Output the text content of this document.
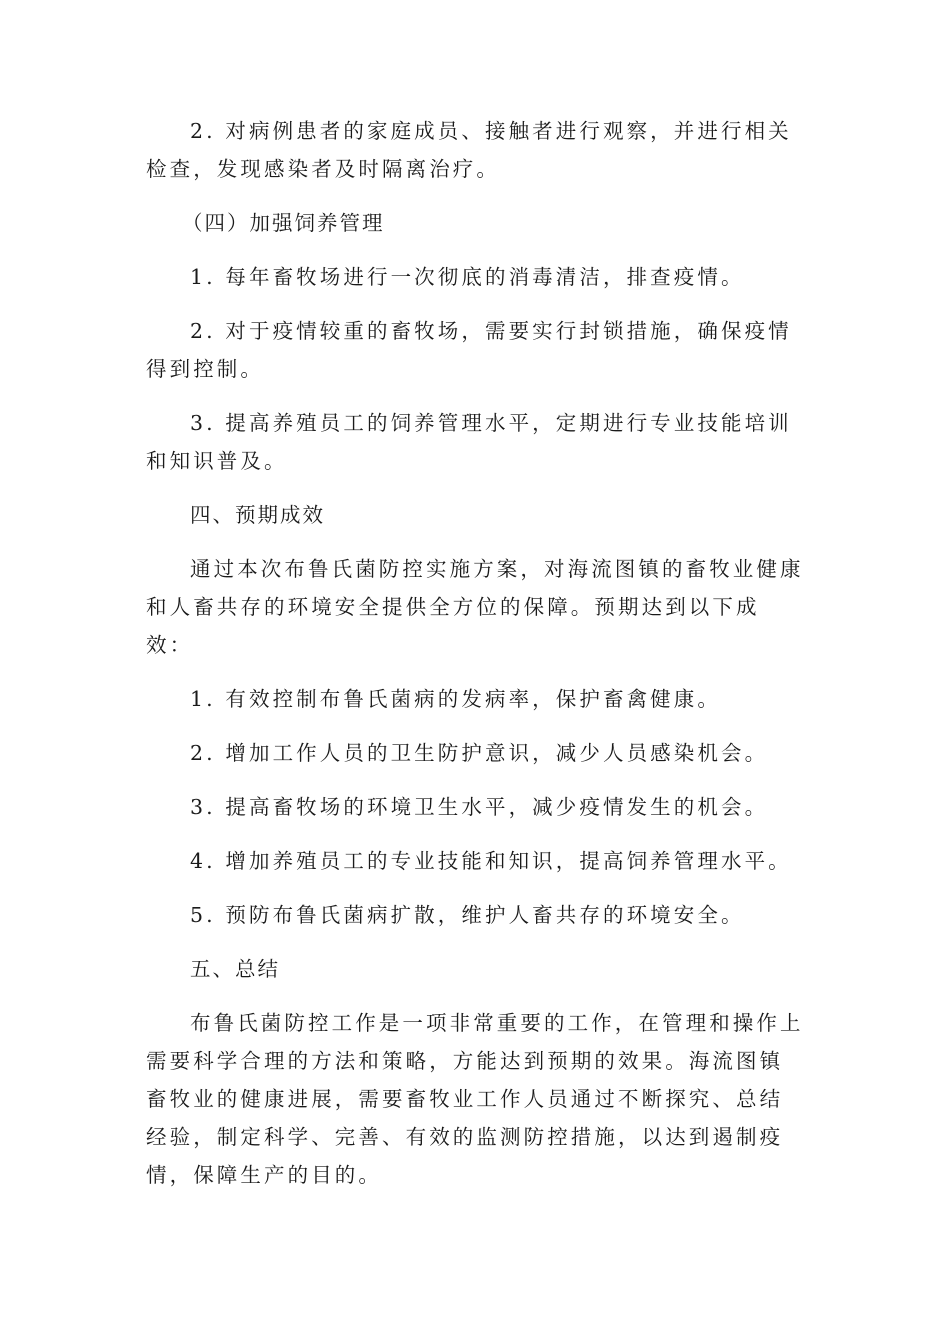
2. 对病例患者的家庭成员、接触者进行观察，并进行相关检查，发现感染者及时隔离治疗。

（四）加强饲养管理

1. 每年畜牧场进行一次彻底的消毒清洁，排查疫情。

2. 对于疫情较重的畜牧场，需要实行封锁措施，确保疫情得到控制。

3. 提高养殖员工的饲养管理水平，定期进行专业技能培训和知识普及。

四、预期成效

通过本次布鲁氏菌防控实施方案，对海流图镇的畜牧业健康和人畜共存的环境安全提供全方位的保障。预期达到以下成效：

1. 有效控制布鲁氏菌病的发病率，保护畜禽健康。

2. 增加工作人员的卫生防护意识，减少人员感染机会。

3. 提高畜牧场的环境卫生水平，减少疫情发生的机会。

4. 增加养殖员工的专业技能和知识，提高饲养管理水平。

5. 预防布鲁氏菌病扩散，维护人畜共存的环境安全。

五、总结

布鲁氏菌防控工作是一项非常重要的工作，在管理和操作上需要科学合理的方法和策略，方能达到预期的效果。海流图镇畜牧业的健康进展，需要畜牧业工作人员通过不断探究、总结经验，制定科学、完善、有效的监测防控措施，以达到遏制疫情，保障生产的目的。
